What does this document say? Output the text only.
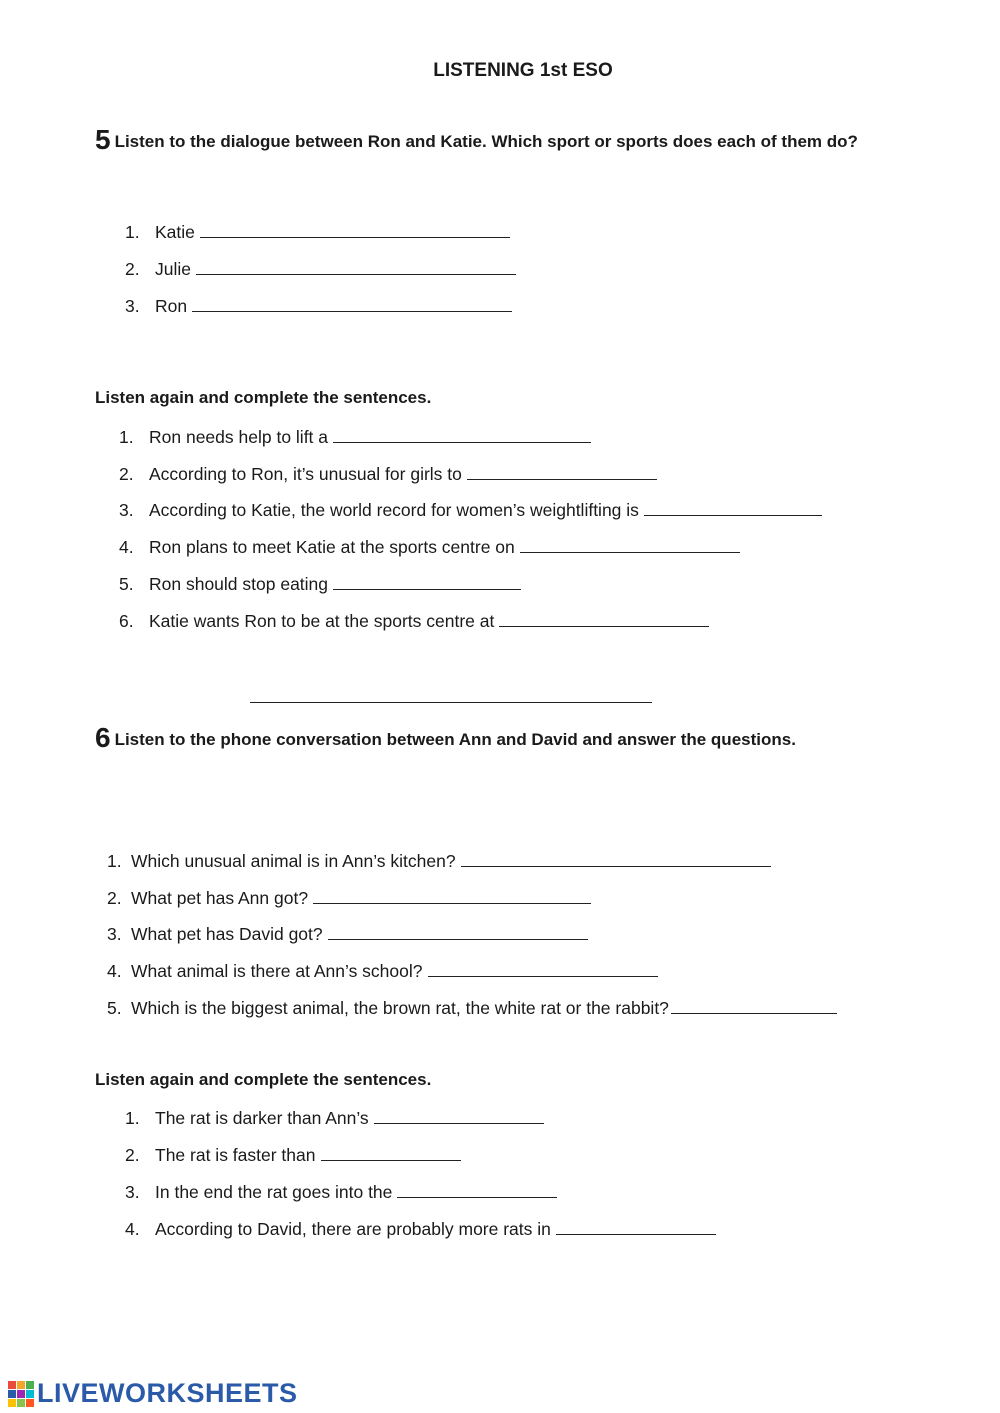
LISTENING 1st ESO
5 Listen to the dialogue between Ron and Katie. Which sport or sports does each of them do?
1. Katie
2. Julie
3. Ron
Listen again and complete the sentences.
1. Ron needs help to lift a
2. According to Ron, it’s unusual for girls to
3. According to Katie, the world record for women’s weightlifting is
4. Ron plans to meet Katie at the sports centre on
5. Ron should stop eating
6. Katie wants Ron to be at the sports centre at
6 Listen to the phone conversation between Ann and David and answer the questions.
1. Which unusual animal is in Ann’s kitchen?
2. What pet has Ann got?
3. What pet has David got?
4. What animal is there at Ann’s school?
5. Which is the biggest animal, the brown rat, the white rat or the rabbit?
Listen again and complete the sentences.
1. The rat is darker than Ann’s
2. The rat is faster than
3. In the end the rat goes into the
4. According to David, there are probably more rats in
LIVEWORKSHEETS
